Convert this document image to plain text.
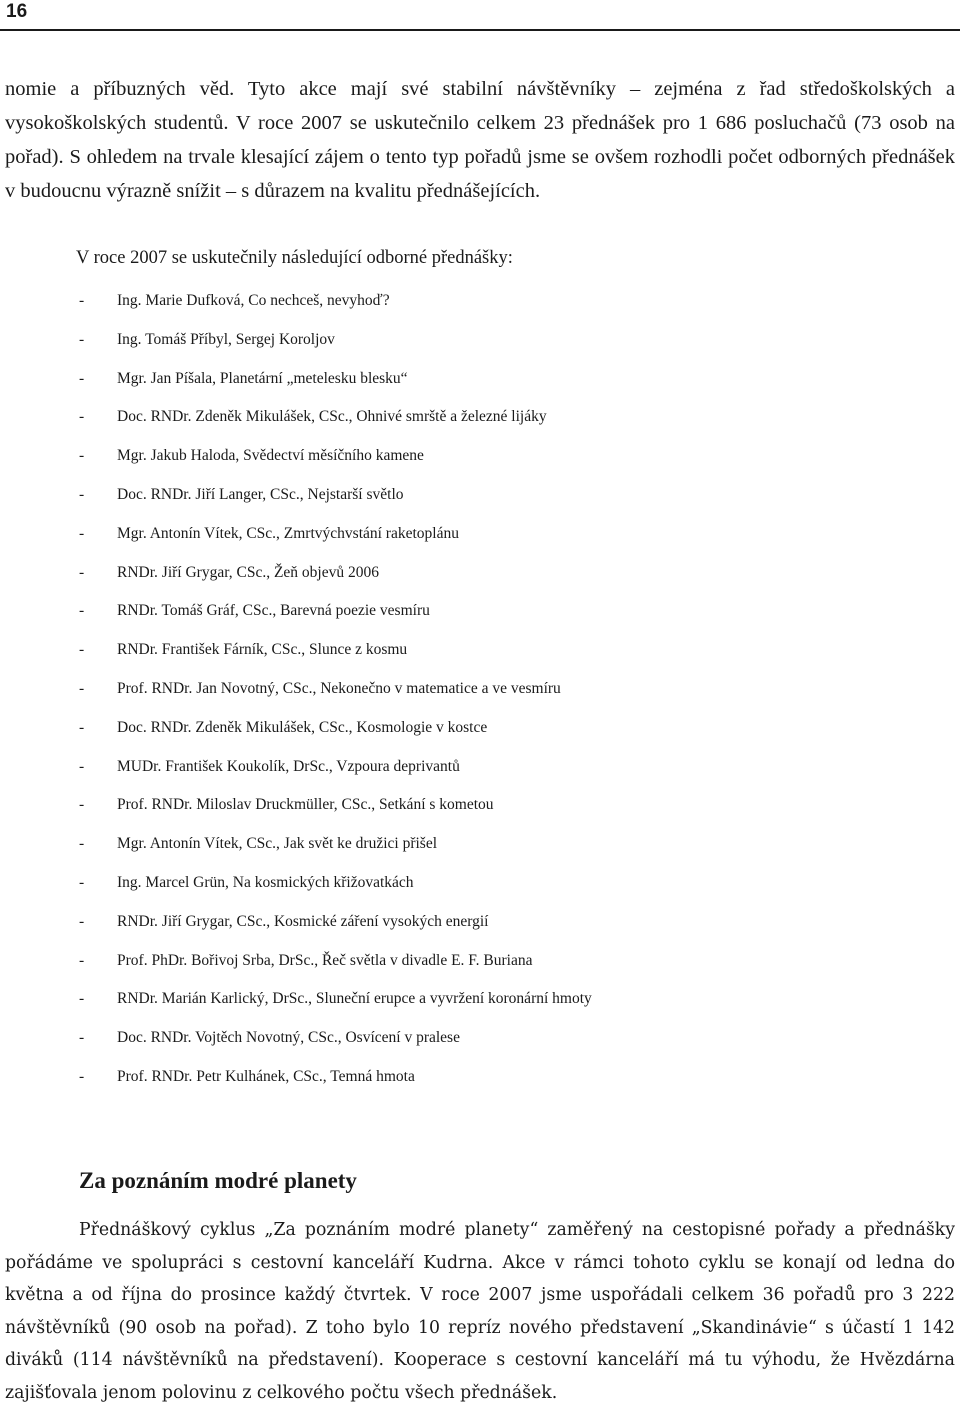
16

nomie a příbuzných věd. Tyto akce mají své stabilní návštěvníky – zejména z řad středoškolských a vysokoškolských studentů. V roce 2007 se uskutečnilo celkem 23 přednášek pro 1 686 posluchačů (73 osob na pořad). S ohledem na trvale klesající zájem o tento typ pořadů jsme se ovšem rozhodli počet odborných přednášek v budoucnu výrazně snížit – s důrazem na kvalitu přednášejících.

V roce 2007 se uskutečnily následující odborné přednášky:

- Ing. Marie Dufková, Co nechceš, nevyhoď?
- Ing. Tomáš Příbyl, Sergej Koroljov
- Mgr. Jan Píšala, Planetární „metelesku blesku“
- Doc. RNDr. Zdeněk Mikulášek, CSc., Ohnivé smrště a železné lijáky
- Mgr. Jakub Haloda, Svědectví měsíčního kamene
- Doc. RNDr. Jiří Langer, CSc., Nejstarší světlo
- Mgr. Antonín Vítek, CSc., Zmrtvýchvstání raketoplánu
- RNDr. Jiří Grygar, CSc., Žeň objevů 2006
- RNDr. Tomáš Gráf, CSc., Barevná poezie vesmíru
- RNDr. František Fárník, CSc., Slunce z kosmu
- Prof. RNDr. Jan Novotný, CSc., Nekonečno v matematice a ve vesmíru
- Doc. RNDr. Zdeněk Mikulášek, CSc., Kosmologie v kostce
- MUDr. František Koukolík, DrSc., Vzpoura deprivantů
- Prof. RNDr. Miloslav Druckmüller, CSc., Setkání s kometou
- Mgr. Antonín Vítek, CSc., Jak svět ke družici přišel
- Ing. Marcel Grün, Na kosmických křižovatkách
- RNDr. Jiří Grygar, CSc., Kosmické záření vysokých energií
- Prof. PhDr. Bořivoj Srba, DrSc., Řeč světla v divadle E. F. Buriana
- RNDr. Marián Karlický, DrSc., Sluneční erupce a vyvržení koronární hmoty
- Doc. RNDr. Vojtěch Novotný, CSc., Osvícení v pralese
- Prof. RNDr. Petr Kulhánek, CSc., Temná hmota
Za poznáním modré planety

Přednáškový cyklus „Za poznáním modré planety“ zaměřený na cestopisné pořady a přednášky pořádáme ve spolupráci s cestovní kanceláří Kudrna. Akce v rámci tohoto cyklu se konají od ledna do května a od října do prosince každý čtvrtek. V roce 2007 jsme uspořádali celkem 36 pořadů pro 3 222 návštěvníků (90 osob na pořad). Z toho bylo 10 repríz nového představení „Skandinávie“ s účastí 1 142 diváků (114 návštěvníků na představení). Kooperace s cestovní kanceláří má tu výhodu, že Hvězdárna zajišťovala jenom polovinu z celkového počtu všech přednášek.
